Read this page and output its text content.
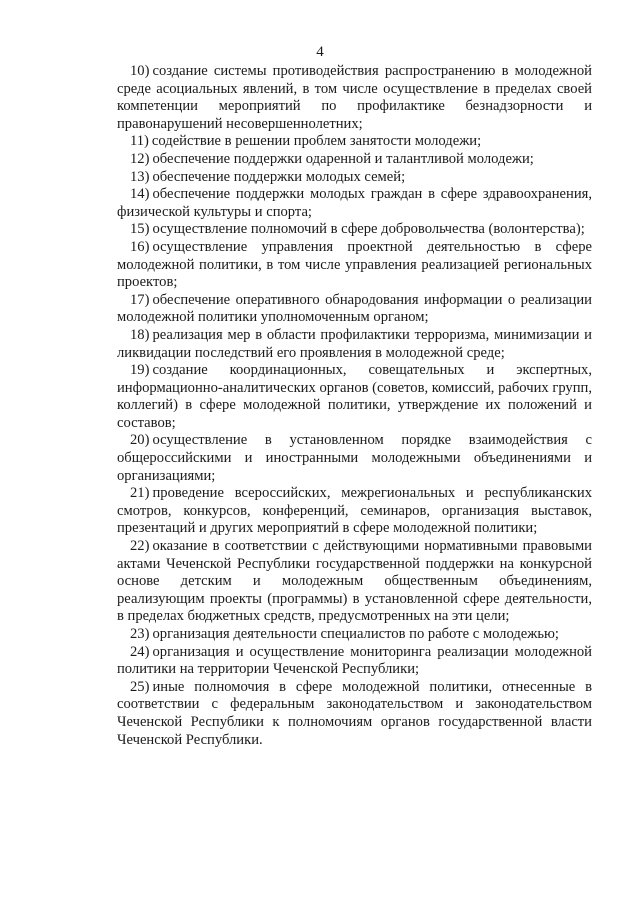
4

10) создание системы противодействия распространению в молодежной среде асоциальных явлений, в том числе осуществление в пределах своей компетенции мероприятий по профилактике безнадзорности и правонарушений несовершеннолетних;

11) содействие в решении проблем занятости молодежи;

12) обеспечение поддержки одаренной и талантливой молодежи;

13) обеспечение поддержки молодых семей;

14) обеспечение поддержки молодых граждан в сфере здравоохранения, физической культуры и спорта;

15) осуществление полномочий в сфере добровольчества (волонтерства);

16) осуществление управления проектной деятельностью в сфере молодежной политики, в том числе управления реализацией региональных проектов;

17) обеспечение оперативного обнародования информации о реализации молодежной политики уполномоченным органом;

18) реализация мер в области профилактики терроризма, минимизации и ликвидации последствий его проявления в молодежной среде;

19) создание координационных, совещательных и экспертных, информационно-аналитических органов (советов, комиссий, рабочих групп, коллегий) в сфере молодежной политики, утверждение их положений и составов;

20) осуществление в установленном порядке взаимодействия с общероссийскими и иностранными молодежными объединениями и организациями;

21) проведение всероссийских, межрегиональных и республиканских смотров, конкурсов, конференций, семинаров, организация выставок, презентаций и других мероприятий в сфере молодежной политики;

22) оказание в соответствии с действующими нормативными правовыми актами Чеченской Республики государственной поддержки на конкурсной основе детским и молодежным общественным объединениям, реализующим проекты (программы) в установленной сфере деятельности, в пределах бюджетных средств, предусмотренных на эти цели;

23) организация деятельности специалистов по работе с молодежью;

24) организация и осуществление мониторинга реализации молодежной политики на территории Чеченской Республики;

25) иные полномочия в сфере молодежной политики, отнесенные в соответствии с федеральным законодательством и законодательством Чеченской Республики к полномочиям органов государственной власти Чеченской Республики.
